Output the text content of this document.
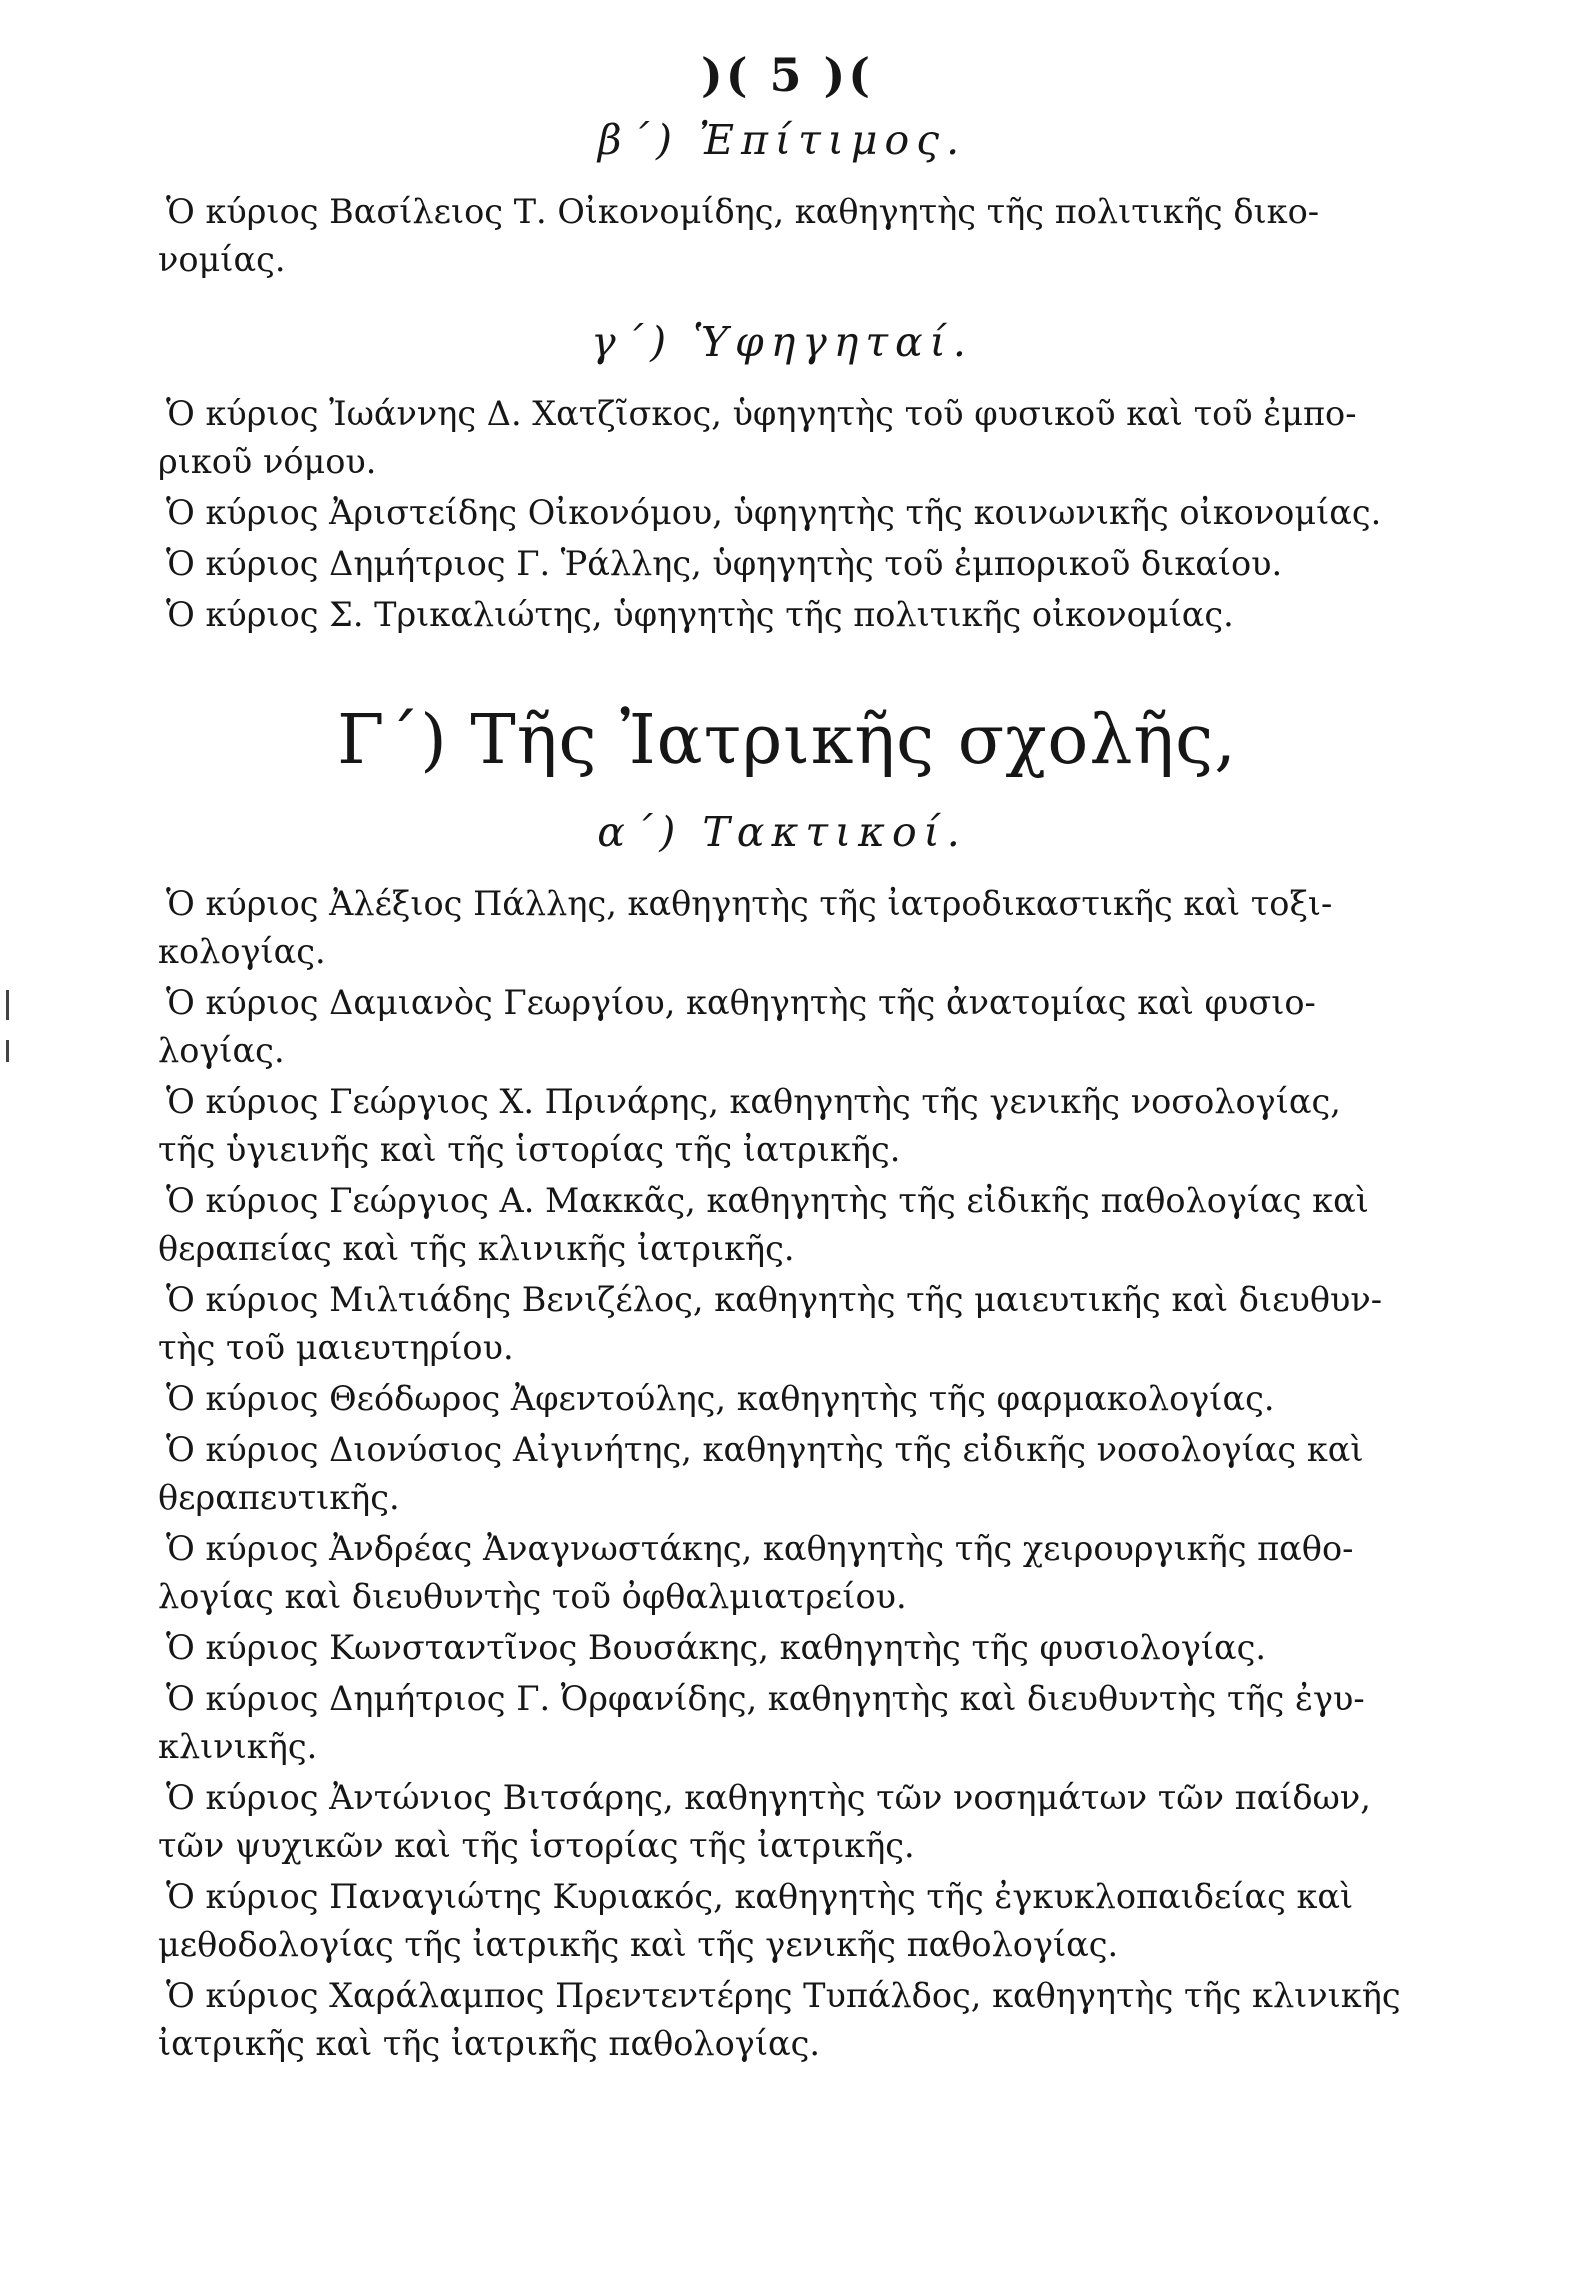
)( 5 )(
β΄) Ἐπίτιμος.

Ὁ κύριος Βασίλειος Τ. Οἰκονομίδης, καθηγητὴς τῆς πολιτικῆς δικο-
νομίας.

γ΄) Ὑφηγηταί.

Ὁ κύριος Ἰωάννης Δ. Χατζῖσκος, ὑφηγητὴς τοῦ φυσικοῦ καὶ τοῦ ἐμπο-
ρικοῦ νόμου.

Ὁ κύριος Ἀριστείδης Οἰκονόμου, ὑφηγητὴς τῆς κοινωνικῆς οἰκονομίας.

Ὁ κύριος Δημήτριος Γ. Ῥάλλης, ὑφηγητὴς τοῦ ἐμπορικοῦ δικαίου.

Ὁ κύριος Σ. Τρικαλιώτης, ὑφηγητὴς τῆς πολιτικῆς οἰκονομίας.

Γ΄) Τῆς Ἰατρικῆς σχολῆς,
α΄) Τακτικοί.

Ὁ κύριος Ἀλέξιος Πάλλης, καθηγητὴς τῆς ἰατροδικαστικῆς καὶ τοξι-
κολογίας.

Ὁ κύριος Δαμιανὸς Γεωργίου, καθηγητὴς τῆς ἀνατομίας καὶ φυσιο-
λογίας.

Ὁ κύριος Γεώργιος Χ. Πρινάρης, καθηγητὴς τῆς γενικῆς νοσολογίας,
τῆς ὑγιεινῆς καὶ τῆς ἱστορίας τῆς ἰατρικῆς.

Ὁ κύριος Γεώργιος Α. Μακκᾶς, καθηγητὴς τῆς εἰδικῆς παθολογίας καὶ
θεραπείας καὶ τῆς κλινικῆς ἰατρικῆς.

Ὁ κύριος Μιλτιάδης Βενιζέλος, καθηγητὴς τῆς μαιευτικῆς καὶ διευθυν-
τὴς τοῦ μαιευτηρίου.

Ὁ κύριος Θεόδωρος Ἀφεντούλης, καθηγητὴς τῆς φαρμακολογίας.

Ὁ κύριος Διονύσιος Αἰγινήτης, καθηγητὴς τῆς εἰδικῆς νοσολογίας καὶ
θεραπευτικῆς.

Ὁ κύριος Ἀνδρέας Ἀναγνωστάκης, καθηγητὴς τῆς χειρουργικῆς παθο-
λογίας καὶ διευθυντὴς τοῦ ὀφθαλμιατρείου.

Ὁ κύριος Κωνσταντῖνος Βουσάκης, καθηγητὴς τῆς φυσιολογίας.

Ὁ κύριος Δημήτριος Γ. Ὀρφανίδης, καθηγητὴς καὶ διευθυντὴς τῆς ἐγυ-
κλινικῆς.

Ὁ κύριος Ἀντώνιος Βιτσάρης, καθηγητὴς τῶν νοσημάτων τῶν παίδων,
τῶν ψυχικῶν καὶ τῆς ἱστορίας τῆς ἰατρικῆς.

Ὁ κύριος Παναγιώτης Κυριακός, καθηγητὴς τῆς ἐγκυκλοπαιδείας καὶ
μεθοδολογίας τῆς ἰατρικῆς καὶ τῆς γενικῆς παθολογίας.

Ὁ κύριος Χαράλαμπος Πρεντεντέρης Τυπάλδος, καθηγητὴς τῆς κλινικῆς
ἰατρικῆς καὶ τῆς ἰατρικῆς παθολογίας.
